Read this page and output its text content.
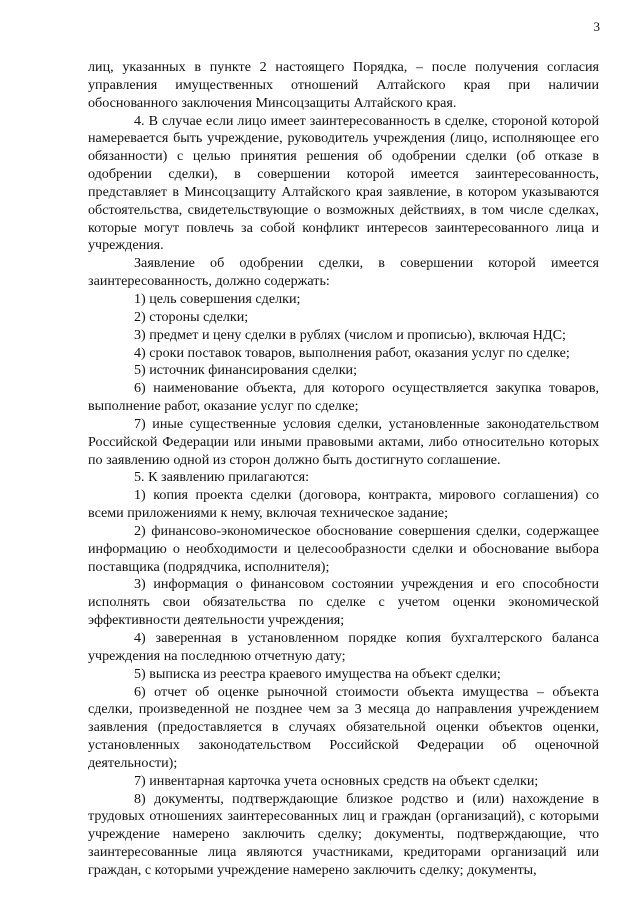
3

лиц, указанных в пункте 2 настоящего Порядка, – после получения согласия управления имущественных отношений Алтайского края при наличии обоснованного заключения Минсоцзащиты Алтайского края.

4. В случае если лицо имеет заинтересованность в сделке, стороной которой намеревается быть учреждение, руководитель учреждения (лицо, исполняющее его обязанности) с целью принятия решения об одобрении сделки (об отказе в одобрении сделки), в совершении которой имеется заинтересованность, представляет в Минсоцзащиту Алтайского края заявление, в котором указываются обстоятельства, свидетельствующие о возможных действиях, в том числе сделках, которые могут повлечь за собой конфликт интересов заинтересованного лица и учреждения.

Заявление об одобрении сделки, в совершении которой имеется заинтересованность, должно содержать:

1) цель совершения сделки;

2) стороны сделки;

3) предмет и цену сделки в рублях (числом и прописью), включая НДС;

4) сроки поставок товаров, выполнения работ, оказания услуг по сделке;

5) источник финансирования сделки;

6) наименование объекта, для которого осуществляется закупка товаров, выполнение работ, оказание услуг по сделке;

7) иные существенные условия сделки, установленные законодательством Российской Федерации или иными правовыми актами, либо относительно которых по заявлению одной из сторон должно быть достигнуто соглашение.

5. К заявлению прилагаются:

1) копия проекта сделки (договора, контракта, мирового соглашения) со всеми приложениями к нему, включая техническое задание;

2) финансово-экономическое обоснование совершения сделки, содержащее информацию о необходимости и целесообразности сделки и обоснование выбора поставщика (подрядчика, исполнителя);

3) информация о финансовом состоянии учреждения и его способности исполнять свои обязательства по сделке с учетом оценки экономической эффективности деятельности учреждения;

4) заверенная в установленном порядке копия бухгалтерского баланса учреждения на последнюю отчетную дату;

5) выписка из реестра краевого имущества на объект сделки;

6) отчет об оценке рыночной стоимости объекта имущества – объекта сделки, произведенной не позднее чем за 3 месяца до направления учреждением заявления (предоставляется в случаях обязательной оценки объектов оценки, установленных законодательством Российской Федерации об оценочной деятельности);

7) инвентарная карточка учета основных средств на объект сделки;

8) документы, подтверждающие близкое родство и (или) нахождение в трудовых отношениях заинтересованных лиц и граждан (организаций), с которыми учреждение намерено заключить сделку; документы, подтверждающие, что заинтересованные лица являются участниками, кредиторами организаций или граждан, с которыми учреждение намерено заключить сделку; документы,
